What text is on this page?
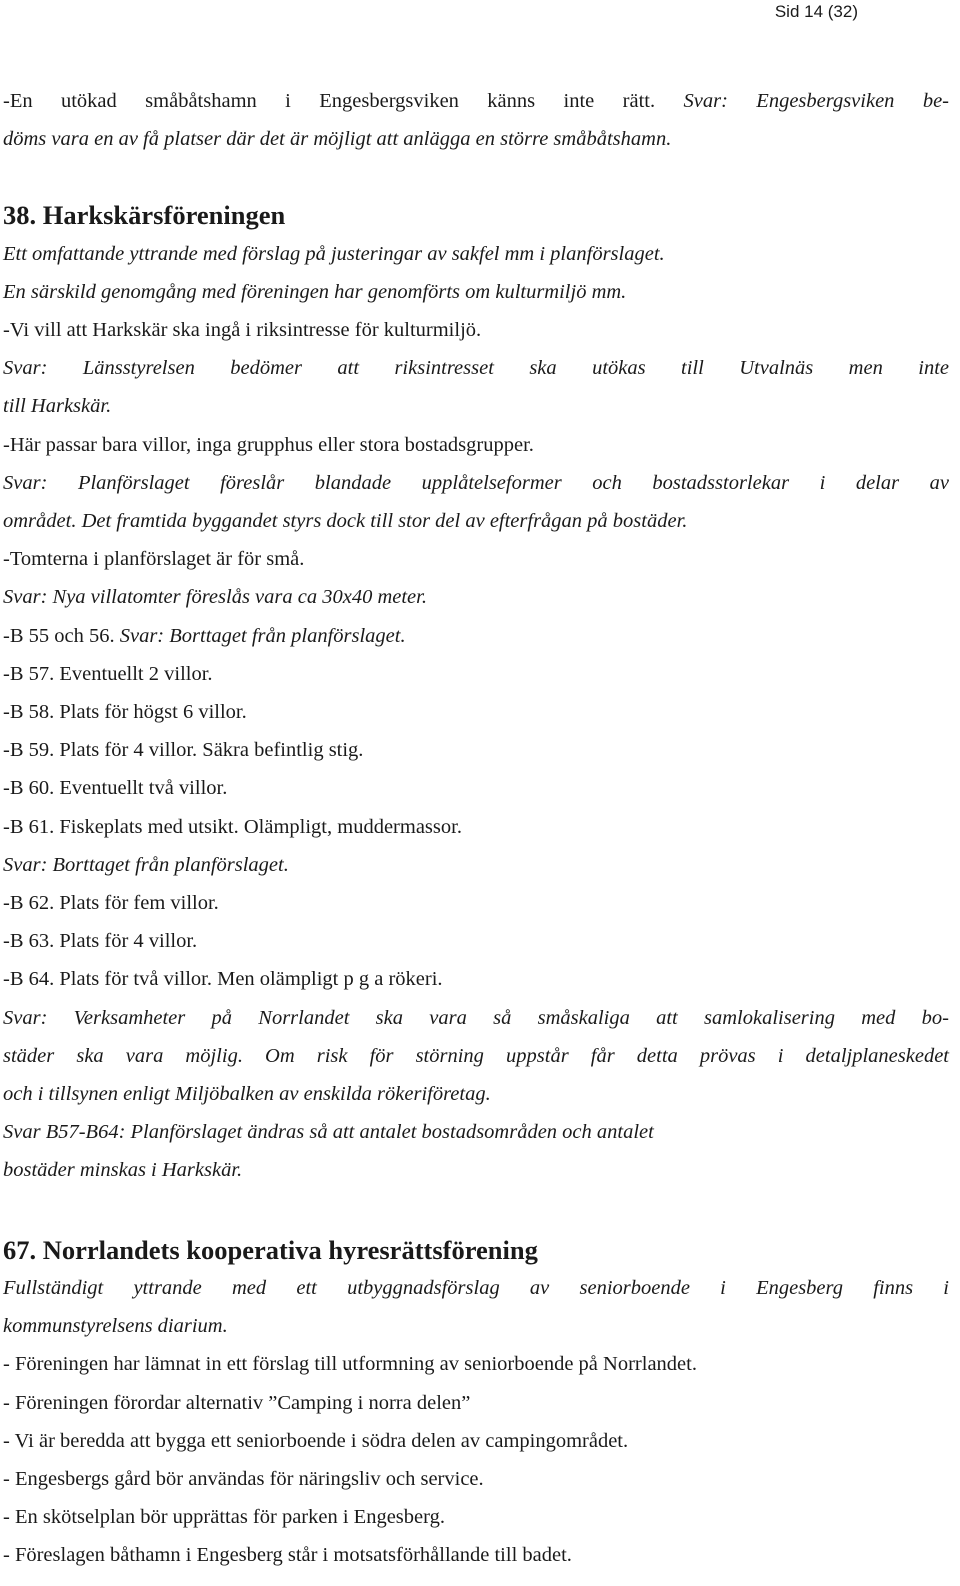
Sid 14 (32)

-En utökad småbåtshamn i Engesbergsviken känns inte rätt. Svar: Engesbergsviken be-

döms vara en av få platser där det är möjligt att anlägga en större småbåtshamn.

38. Harkskärsföreningen

Ett omfattande yttrande med förslag på justeringar av sakfel mm i planförslaget.

En särskild genomgång med föreningen har genomförts om kulturmiljö mm.

-Vi vill att Harkskär ska ingå i riksintresse för kulturmiljö.

Svar: Länsstyrelsen bedömer att riksintresset ska utökas till Utvalnäs men inte

till Harkskär.

-Här passar bara villor, inga grupphus eller stora bostadsgrupper.

Svar: Planförslaget föreslår blandade upplåtelseformer och bostadsstorlekar i delar av

området. Det framtida byggandet styrs dock till stor del av efterfrågan på bostäder.

-Tomterna i planförslaget är för små.

Svar: Nya villatomter föreslås vara ca 30x40 meter.

-B 55 och 56. Svar: Borttaget från planförslaget.

-B 57. Eventuellt 2 villor.

-B 58. Plats för högst 6 villor.

-B 59. Plats för 4 villor. Säkra befintlig stig.

-B 60. Eventuellt två villor.

-B 61. Fiskeplats med utsikt. Olämpligt, muddermassor.

Svar: Borttaget från planförslaget.

-B 62. Plats för fem villor.

-B 63. Plats för 4 villor.

-B 64. Plats för två villor. Men olämpligt p g a rökeri.

Svar: Verksamheter på Norrlandet ska vara så småskaliga att samlokalisering med bo-

städer ska vara möjlig. Om risk för störning uppstår får detta prövas i detaljplaneskedet

och i tillsynen enligt Miljöbalken av enskilda rökeriföretag.

Svar B57-B64: Planförslaget ändras så att antalet bostadsområden och antalet

bostäder minskas i Harkskär.

67. Norrlandets kooperativa hyresrättsförening

Fullständigt yttrande med ett utbyggnadsförslag av seniorboende i Engesberg finns i

kommunstyrelsens diarium.

- Föreningen har lämnat in ett förslag till utformning av seniorboende på Norrlandet.

- Föreningen förordar alternativ ”Camping i norra delen”

- Vi är beredda att bygga ett seniorboende i södra delen av campingområdet.

- Engesbergs gård bör användas för näringsliv och service.

- En skötselplan bör upprättas för parken i Engesberg.

- Föreslagen båthamn i Engesberg står i motsatsförhållande till badet.
